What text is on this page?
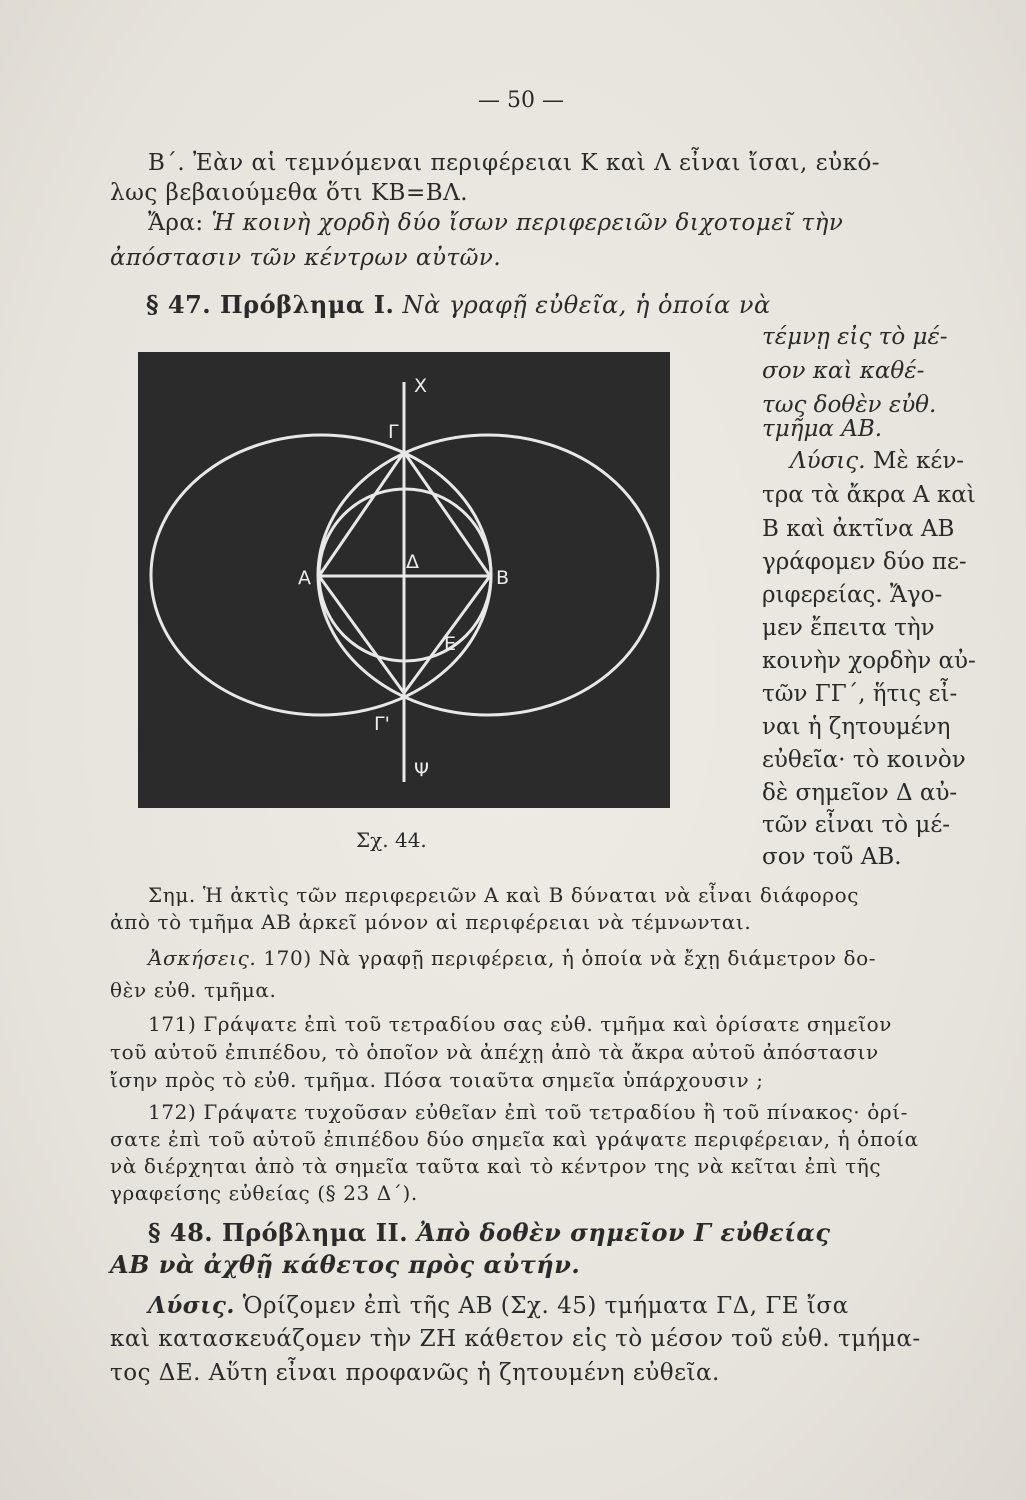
— 50 —
Β΄. Ἐὰν αἱ τεμνόμεναι περιφέρειαι Κ καὶ Λ εἶναι ἴσαι, εὐκό-
λως βεβαιούμεθα ὅτι ΚΒ=ΒΛ.
Ἄρα: Ἡ κοινὴ χορδὴ δύο ἴσων περιφερειῶν διχοτομεῖ τὴν
ἀπόστασιν τῶν κέντρων αὐτῶν.
§ 47. Πρόβλημα Ι. Νὰ γραφῇ εὐθεῖα, ἡ ὁποία νὰ
τέμνῃ εἰς τὸ μέ-
σον καὶ καθέ-
τως δοθὲν εὐθ.
τμῆμα ΑΒ.
Λύσις. Μὲ κέν-
τρα τὰ ἄκρα Α καὶ
Β καὶ ἀκτῖνα ΑΒ
γράφομεν δύο πε-
ριφερείας. Ἄγο-
μεν ἔπειτα τὴν
κοινὴν χορδὴν αὐ-
τῶν ΓΓ΄, ἥτις εἶ-
ναι ἡ ζητουμένη
εὐθεῖα· τὸ κοινὸν
δὲ σημεῖον Δ αὐ-
τῶν εἶναι τὸ μέ-
σον τοῦ ΑΒ.
X
Γ
Α
Δ
Β
Ε
Γ'
Ψ
Σχ. 44.
Σημ. Ἡ ἀκτὶς τῶν περιφερειῶν Α καὶ Β δύναται νὰ εἶναι διάφορος
ἀπὸ τὸ τμῆμα ΑΒ ἀρκεῖ μόνον αἱ περιφέρειαι νὰ τέμνωνται.
Ἀσκήσεις. 170) Νὰ γραφῇ περιφέρεια, ἡ ὁποία νὰ ἔχῃ διάμετρον δο-
θὲν εὐθ. τμῆμα.
171) Γράψατε ἐπὶ τοῦ τετραδίου σας εὐθ. τμῆμα καὶ ὁρίσατε σημεῖον
τοῦ αὐτοῦ ἐπιπέδου, τὸ ὁποῖον νὰ ἀπέχῃ ἀπὸ τὰ ἄκρα αὐτοῦ ἀπόστασιν
ἴσην πρὸς τὸ εὐθ. τμῆμα. Πόσα τοιαῦτα σημεῖα ὑπάρχουσιν ;
172) Γράψατε τυχοῦσαν εὐθεῖαν ἐπὶ τοῦ τετραδίου ἢ τοῦ πίνακος· ὁρί-
σατε ἐπὶ τοῦ αὐτοῦ ἐπιπέδου δύο σημεῖα καὶ γράψατε περιφέρειαν, ἡ ὁποία
νὰ διέρχηται ἀπὸ τὰ σημεῖα ταῦτα καὶ τὸ κέντρον της νὰ κεῖται ἐπὶ τῆς
γραφείσης εὐθείας (§ 23 Δ΄).
§ 48. Πρόβλημα ΙΙ. Ἀπὸ δοθὲν σημεῖον Γ εὐθείας
ΑΒ νὰ ἀχθῇ κάθετος πρὸς αὐτήν.
Λύσις. Ὁρίζομεν ἐπὶ τῆς ΑΒ (Σχ. 45) τμήματα ΓΔ, ΓΕ ἴσα
καὶ κατασκευάζομεν τὴν ΖΗ κάθετον εἰς τὸ μέσον τοῦ εὐθ. τμήμα-
τος ΔΕ. Αὕτη εἶναι προφανῶς ἡ ζητουμένη εὐθεῖα.
